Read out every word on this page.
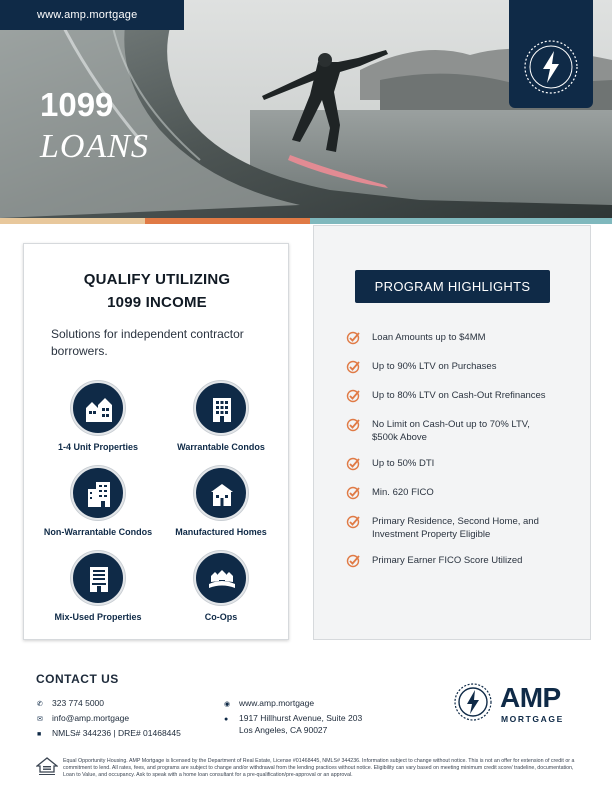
www.amp.mortgage
1099
LOANS
QUALIFY UTILIZING
1099 INCOME
Solutions for independent contractor borrowers.
1-4 Unit Properties	Warrantable Condos
Non-Warrantable Condos	Manufactured Homes
Mix-Used Properties	Co-Ops
PROGRAM HIGHLIGHTS
Loan Amounts up to $4MM
Up to 90% LTV on Purchases
Up to 80% LTV on Cash-Out Rrefinances
No Limit on Cash-Out up to 70% LTV, $500k Above
Up to 50% DTI
Min. 620 FICO
Primary Residence, Second Home, and Investment Property Eligible
Primary Earner FICO Score Utilized
CONTACT US
✆ 323 774 5000
✉ info@amp.mortgage
■ NMLS# 344236 | DRE# 01468445
◉ www.amp.mortgage
● 1917 Hillhurst Avenue, Suite 203
Los Angeles, CA 90027
AMP
MORTGAGE
Equal Opportunity Housing. AMP Mortgage is licensed by the Department of Real Estate, License #01468445, NMLS# 344236. Information subject to change without notice. This is not an offer for extension of credit or a commitment to lend. All rates, fees, and programs are subject to change and/or withdrawal from the lending practices without notice. Eligibility can vary based on meeting minimum credit score/ tradeline, documentation, Loan to Value, and occupancy. Ask to speak with a home loan consultant for a pre-qualification/pre-approval or an approval.
